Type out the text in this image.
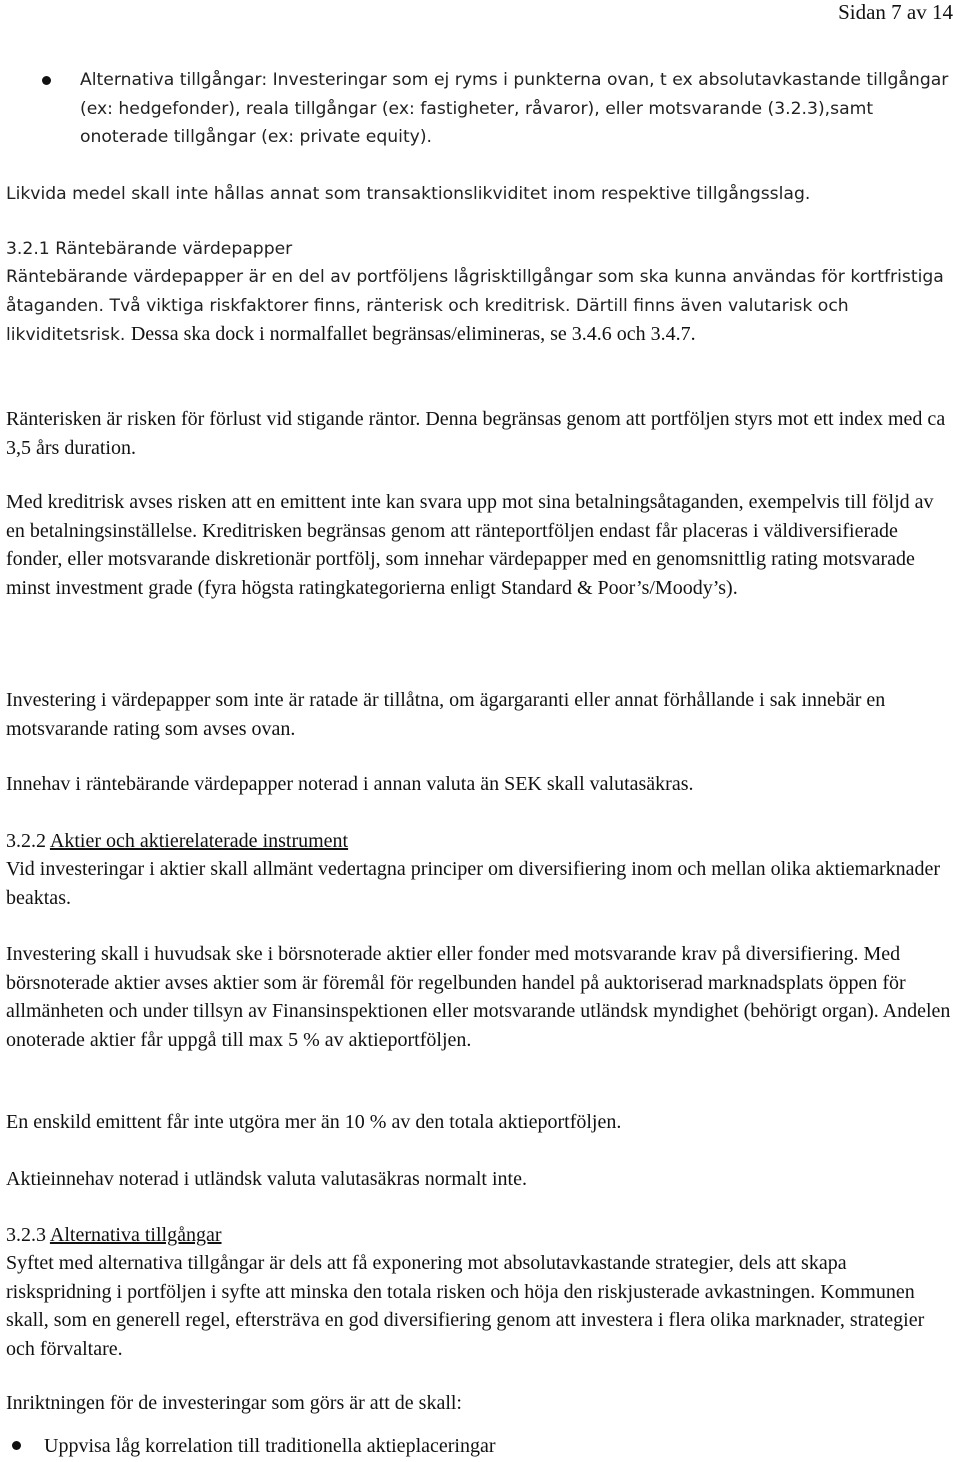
Sidan 7 av 14

Alternativa tillgångar: Investeringar som ej ryms i punkterna ovan, t ex absolutavkastande tillgångar (ex: hedgefonder), reala tillgångar (ex: fastigheter, råvaror), eller motsvarande (3.2.3),samt onoterade tillgångar (ex: private equity).

Likvida medel skall inte hållas annat som transaktionslikviditet inom respektive tillgångsslag.

3.2.1 Räntebärande värdepapper

Räntebärande värdepapper är en del av portföljens lågrisktillgångar som ska kunna användas för kortfristiga åtaganden. Två viktiga riskfaktorer finns, ränterisk och kreditrisk. Därtill finns även valutarisk och likviditetsrisk. Dessa ska dock i normalfallet begränsas/elimineras, se 3.4.6 och 3.4.7.

Ränterisken är risken för förlust vid stigande räntor. Denna begränsas genom att portföljen styrs mot ett index med ca 3,5 års duration.

Med kreditrisk avses risken att en emittent inte kan svara upp mot sina betalningsåtaganden, exempelvis till följd av en betalningsinställelse. Kreditrisken begränsas genom att ränteportföljen endast får placeras i väldiversifierade fonder, eller motsvarande diskretionär portfölj, som innehar värdepapper med en genomsnittlig rating motsvarade minst investment grade (fyra högsta ratingkategorierna enligt Standard & Poor’s/Moody’s).

Investering i värdepapper som inte är ratade är tillåtna, om ägargaranti eller annat förhållande i sak innebär en motsvarande rating som avses ovan.

Innehav i räntebärande värdepapper noterad i annan valuta än SEK skall valutasäkras.

3.2.2 Aktier och aktierelaterade instrument

Vid investeringar i aktier skall allmänt vedertagna principer om diversifiering inom och mellan olika aktiemarknader beaktas.

Investering skall i huvudsak ske i börsnoterade aktier eller fonder med motsvarande krav på diversifiering. Med börsnoterade aktier avses aktier som är föremål för regelbunden handel på auktoriserad marknadsplats öppen för allmänheten och under tillsyn av Finansinspektionen eller motsvarande utländsk myndighet (behörigt organ). Andelen onoterade aktier får uppgå till max 5 % av aktieportföljen.

En enskild emittent får inte utgöra mer än 10 % av den totala aktieportföljen.

Aktieinnehav noterad i utländsk valuta valutasäkras normalt inte.

3.2.3 Alternativa tillgångar

Syftet med alternativa tillgångar är dels att få exponering mot absolutavkastande strategier, dels att skapa riskspridning i portföljen i syfte att minska den totala risken och höja den riskjusterade avkastningen. Kommunen skall, som en generell regel, eftersträva en god diversifiering genom att investera i flera olika marknader, strategier och förvaltare.

Inriktningen för de investeringar som görs är att de skall:

Uppvisa låg korrelation till traditionella aktieplaceringar
